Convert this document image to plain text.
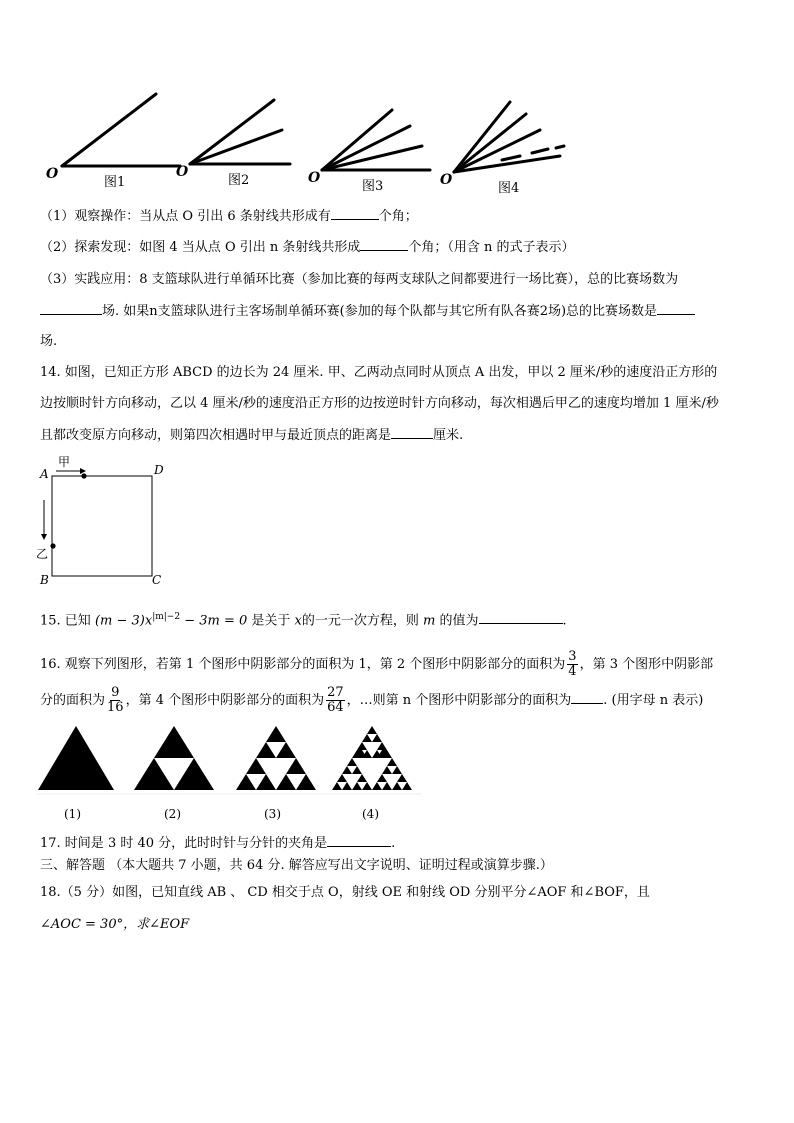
O	O	O	O
图1	图2	图3	图4
（1）观察操作：当从点 O 引出 6 条射线共形成有	个角；
（2）探索发现：如图 4 当从点 O 引出 n 条射线共形成	个角；（用含 n 的式子表示）
（3）实践应用：8 支篮球队进行单循环比赛（参加比赛的每两支球队之间都要进行一场比赛），总的比赛场数为
场. 如果n支篮球队进行主客场制单循环赛(参加的每个队都与其它所有队各赛2场)总的比赛场数是
场.
14. 如图，已知正方形 ABCD 的边长为 24 厘米. 甲、乙两动点同时从顶点 A 出发，甲以 2 厘米/秒的速度沿正方形的
边按顺时针方向移动，乙以 4 厘米/秒的速度沿正方形的边按逆时针方向移动，每次相遇后甲乙的速度均增加 1 厘米/秒
且都改变原方向移动，则第四次相遇时甲与最近顶点的距离是	厘米.
A	D
B	C
甲
乙
15. 已知 $(m - 3)x^{|m|-2} - 3m = 0$ 是关于 x的一元一次方程，则 m 的值为	.
16. 观察下列图形，若第 1 个图形中阴影部分的面积为 1，第 2 个图形中阴影部分的面积为 $\frac{3}{4}$ ，第 3 个图形中阴影部
分的面积为 $\frac{9}{16}$ ，第 4 个图形中阴影部分的面积为 $\frac{27}{64}$ ，…则第 n 个图形中阴影部分的面积为 . (用字母 n 表示)
(1)	(2)	(3)	(4)
17. 时间是 3 时 40 分，此时时针与分针的夹角是	.
三、解答题 （本大题共 7 小题，共 64 分. 解答应写出文字说明、证明过程或演算步骤.）
18.（5 分）如图，已知直线 AB 、 CD 相交于点 O，射线 OE 和射线 OD 分别平分∠AOF 和∠BOF，且
∠AOC = 30°，求∠EOF
